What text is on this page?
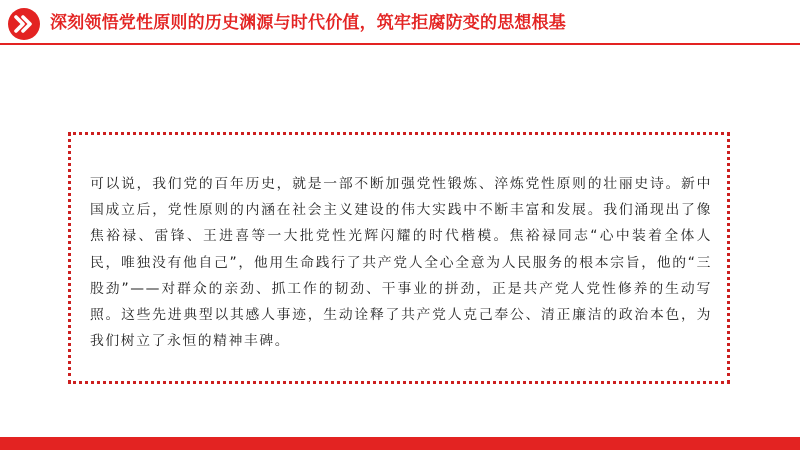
深刻领悟党性原则的历史渊源与时代价值，筑牢拒腐防变的思想根基

可以说，我们党的百年历史，就是一部不断加强党性锻炼、淬炼党性原则的壮丽史诗。新中国成立后，党性原则的内涵在社会主义建设的伟大实践中不断丰富和发展。我们涌现出了像焦裕禄、雷锋、王进喜等一大批党性光辉闪耀的时代楷模。焦裕禄同志“心中装着全体人民，唯独没有他自己”，他用生命践行了共产党人全心全意为人民服务的根本宗旨，他的“三股劲”——对群众的亲劲、抓工作的韧劲、干事业的拼劲，正是共产党人党性修养的生动写照。这些先进典型以其感人事迹，生动诠释了共产党人克己奉公、清正廉洁的政治本色，为我们树立了永恒的精神丰碑。
